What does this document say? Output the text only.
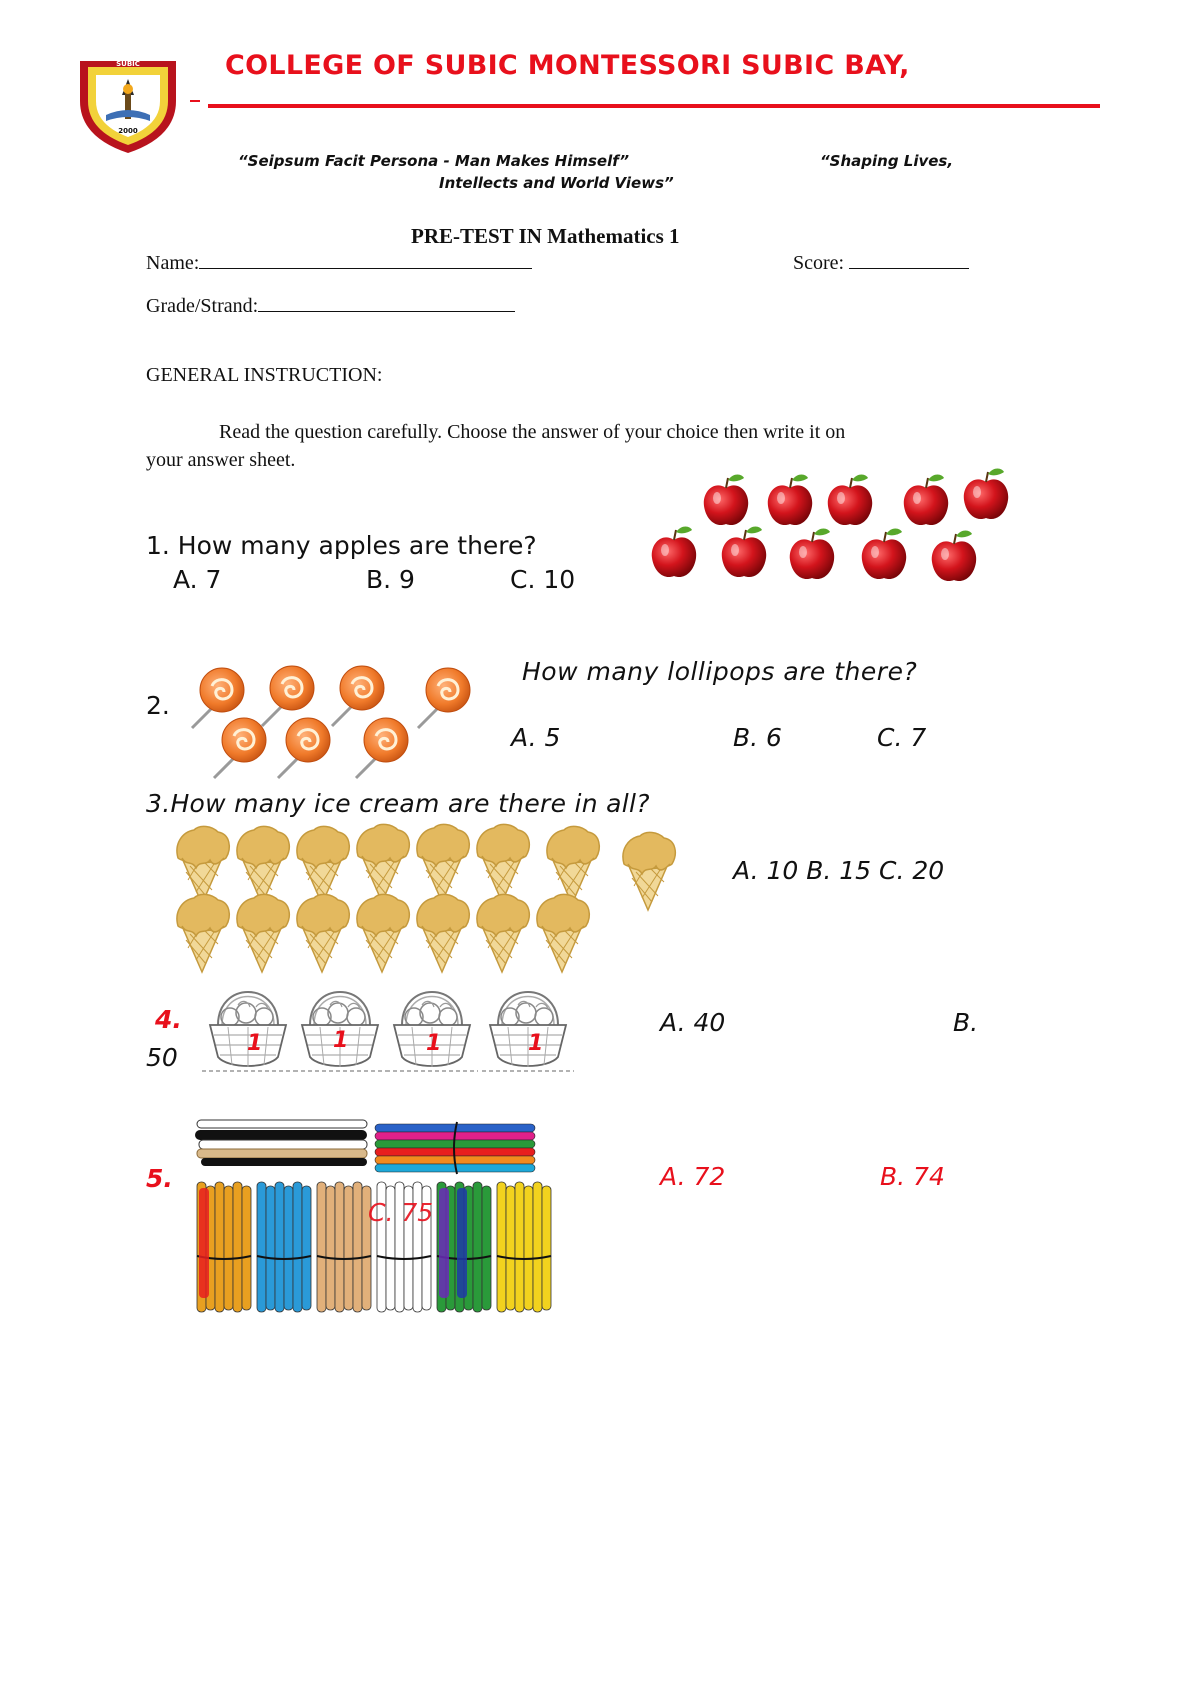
SUBIC
2000
COLLEGE OF SUBIC MONTESSORI SUBIC BAY,
“Seipsum Facit Persona - Man Makes Himself”	“Shaping Lives,
Intellects and World Views”
PRE-TEST IN Mathematics 1
Name:	Score:
Grade/Strand:
GENERAL INSTRUCTION:
Read the question carefully. Choose the answer of your choice then write it on
your answer sheet.
1. How many apples are there?
A. 7	B. 9	C. 10
2.
How many lollipops are there?
A. 5	B. 6	C. 7
3.How many ice cream are there in all?
A. 10 B. 15 C. 20
4.
50
A. 40	B.
1	1	1	1
5.	A. 72	B. 74
C. 75
